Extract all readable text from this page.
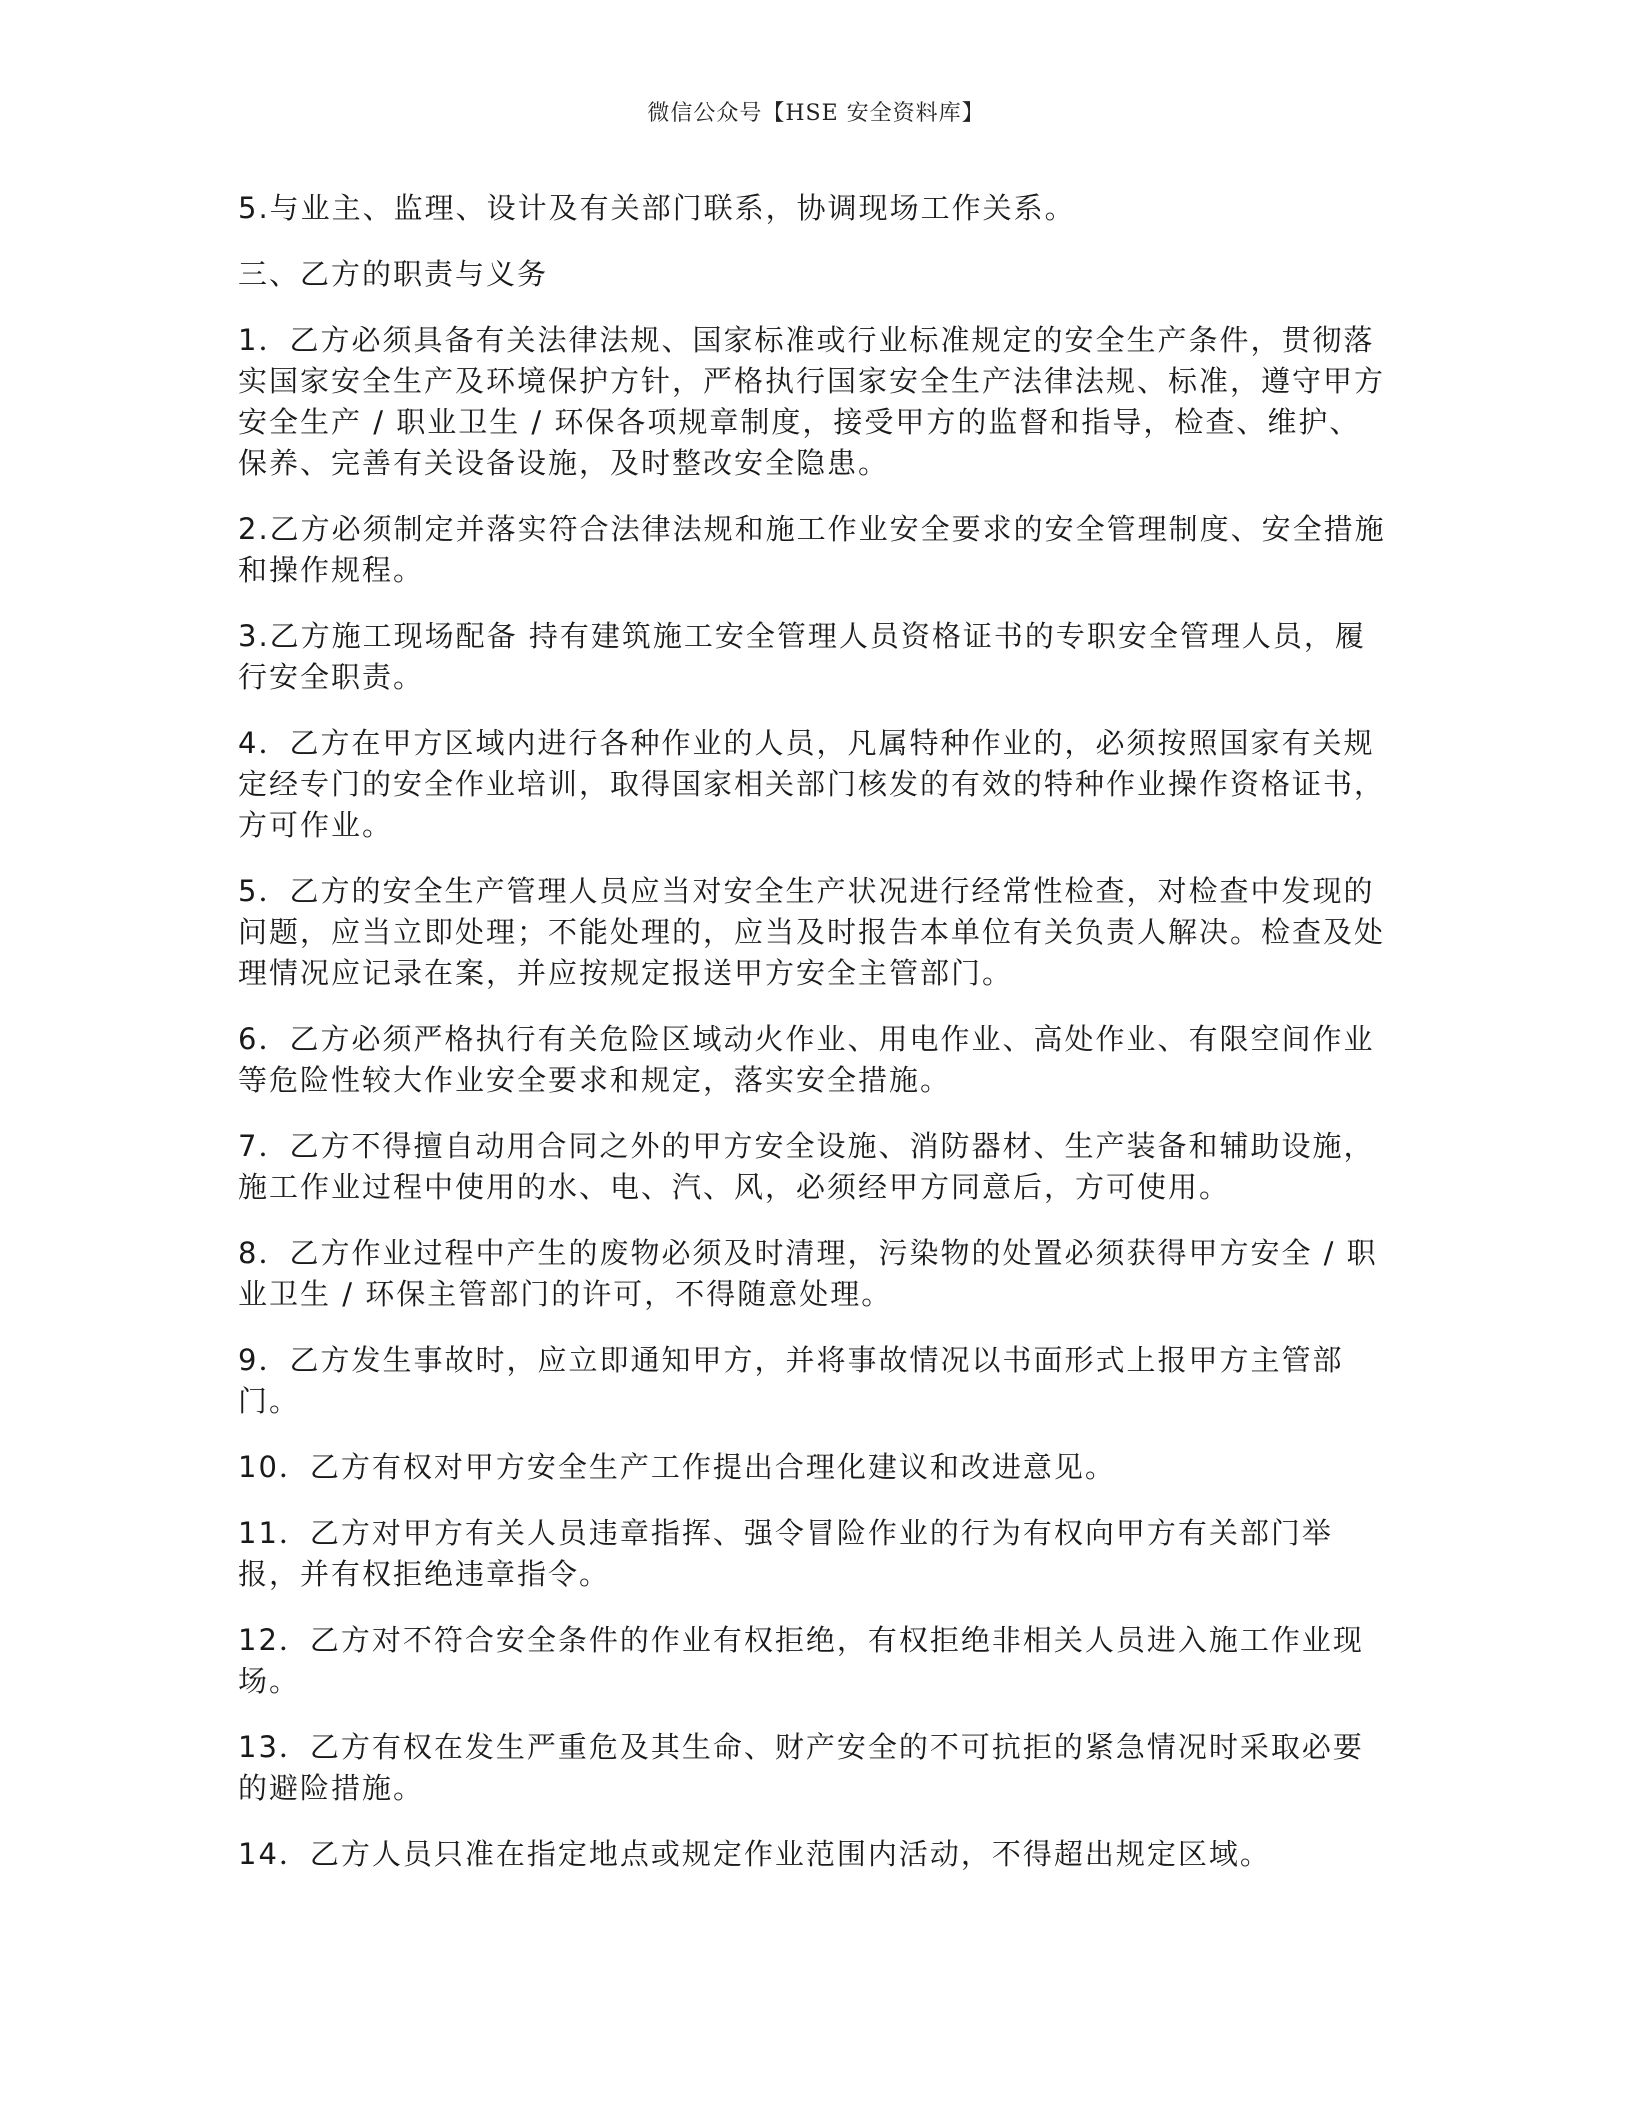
微信公众号【HSE 安全资料库】

5.与业主、监理、设计及有关部门联系，协调现场工作关系。

三、乙方的职责与义务

1．乙方必须具备有关法律法规、国家标准或行业标准规定的安全生产条件，贯彻落实国家安全生产及环境保护方针，严格执行国家安全生产法律法规、标准，遵守甲方安全生产 / 职业卫生 / 环保各项规章制度，接受甲方的监督和指导，检查、维护、保养、完善有关设备设施，及时整改安全隐患。

2.乙方必须制定并落实符合法律法规和施工作业安全要求的安全管理制度、安全措施和操作规程。

3.乙方施工现场配备 持有建筑施工安全管理人员资格证书的专职安全管理人员，履行安全职责。

4．乙方在甲方区域内进行各种作业的人员，凡属特种作业的，必须按照国家有关规定经专门的安全作业培训，取得国家相关部门核发的有效的特种作业操作资格证书，方可作业。

5．乙方的安全生产管理人员应当对安全生产状况进行经常性检查，对检查中发现的问题，应当立即处理；不能处理的，应当及时报告本单位有关负责人解决。检查及处理情况应记录在案，并应按规定报送甲方安全主管部门。

6．乙方必须严格执行有关危险区域动火作业、用电作业、高处作业、有限空间作业等危险性较大作业安全要求和规定，落实安全措施。

7．乙方不得擅自动用合同之外的甲方安全设施、消防器材、生产装备和辅助设施，施工作业过程中使用的水、电、汽、风，必须经甲方同意后，方可使用。

8．乙方作业过程中产生的废物必须及时清理，污染物的处置必须获得甲方安全 / 职业卫生 / 环保主管部门的许可，不得随意处理。

9．乙方发生事故时，应立即通知甲方，并将事故情况以书面形式上报甲方主管部门。

10．乙方有权对甲方安全生产工作提出合理化建议和改进意见。

11．乙方对甲方有关人员违章指挥、强令冒险作业的行为有权向甲方有关部门举报，并有权拒绝违章指令。

12．乙方对不符合安全条件的作业有权拒绝，有权拒绝非相关人员进入施工作业现场。

13．乙方有权在发生严重危及其生命、财产安全的不可抗拒的紧急情况时采取必要的避险措施。

14．乙方人员只准在指定地点或规定作业范围内活动，不得超出规定区域。
